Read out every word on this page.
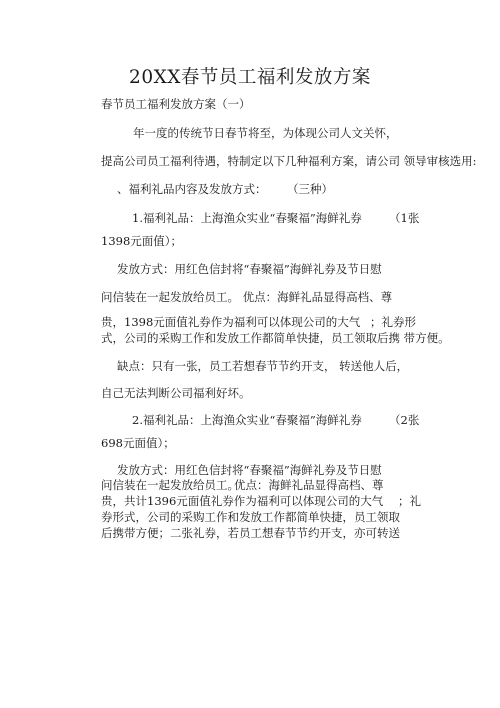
20XX春节员工福利发放方案
春节员工福利发放方案（一）
年一度的传统节日春节将至，为体现公司人文关怀，
提高公司员工福利待遇，特制定以下几种福利方案，请公司 领导审核选用:
、福利礼品内容及发放方式： （三种）
1.福利礼品：上海渔众实业“春聚福”海鲜礼券 （1张
1398元面值）；
发放方式：用红色信封将“春聚福”海鲜礼券及节日慰
问信装在一起发放给员工。 优点：海鲜礼品显得高档、尊
贵，1398元面值礼券作为福利可以体现公司的大气 ；礼券形
式，公司的采购工作和发放工作都简单快捷，员工领取后携 带方便。
缺点：只有一张，员工若想春节节约开支， 转送他人后，
自己无法判断公司福利好坏。
2.福利礼品：上海渔众实业“春聚福”海鲜礼券 （2张
698元面值）；
发放方式：用红色信封将“春聚福”海鲜礼券及节日慰
问信装在一起发放给员工。
优点：海鲜礼品显得高档、尊
贵，共计1396元面值礼券作为福利可以体现公司的大气 ；礼
券形式，公司的采购工作和发放工作都简单快捷，员工领取
后携带方便；二张礼券，若员工想春节节约开支，亦可转送
